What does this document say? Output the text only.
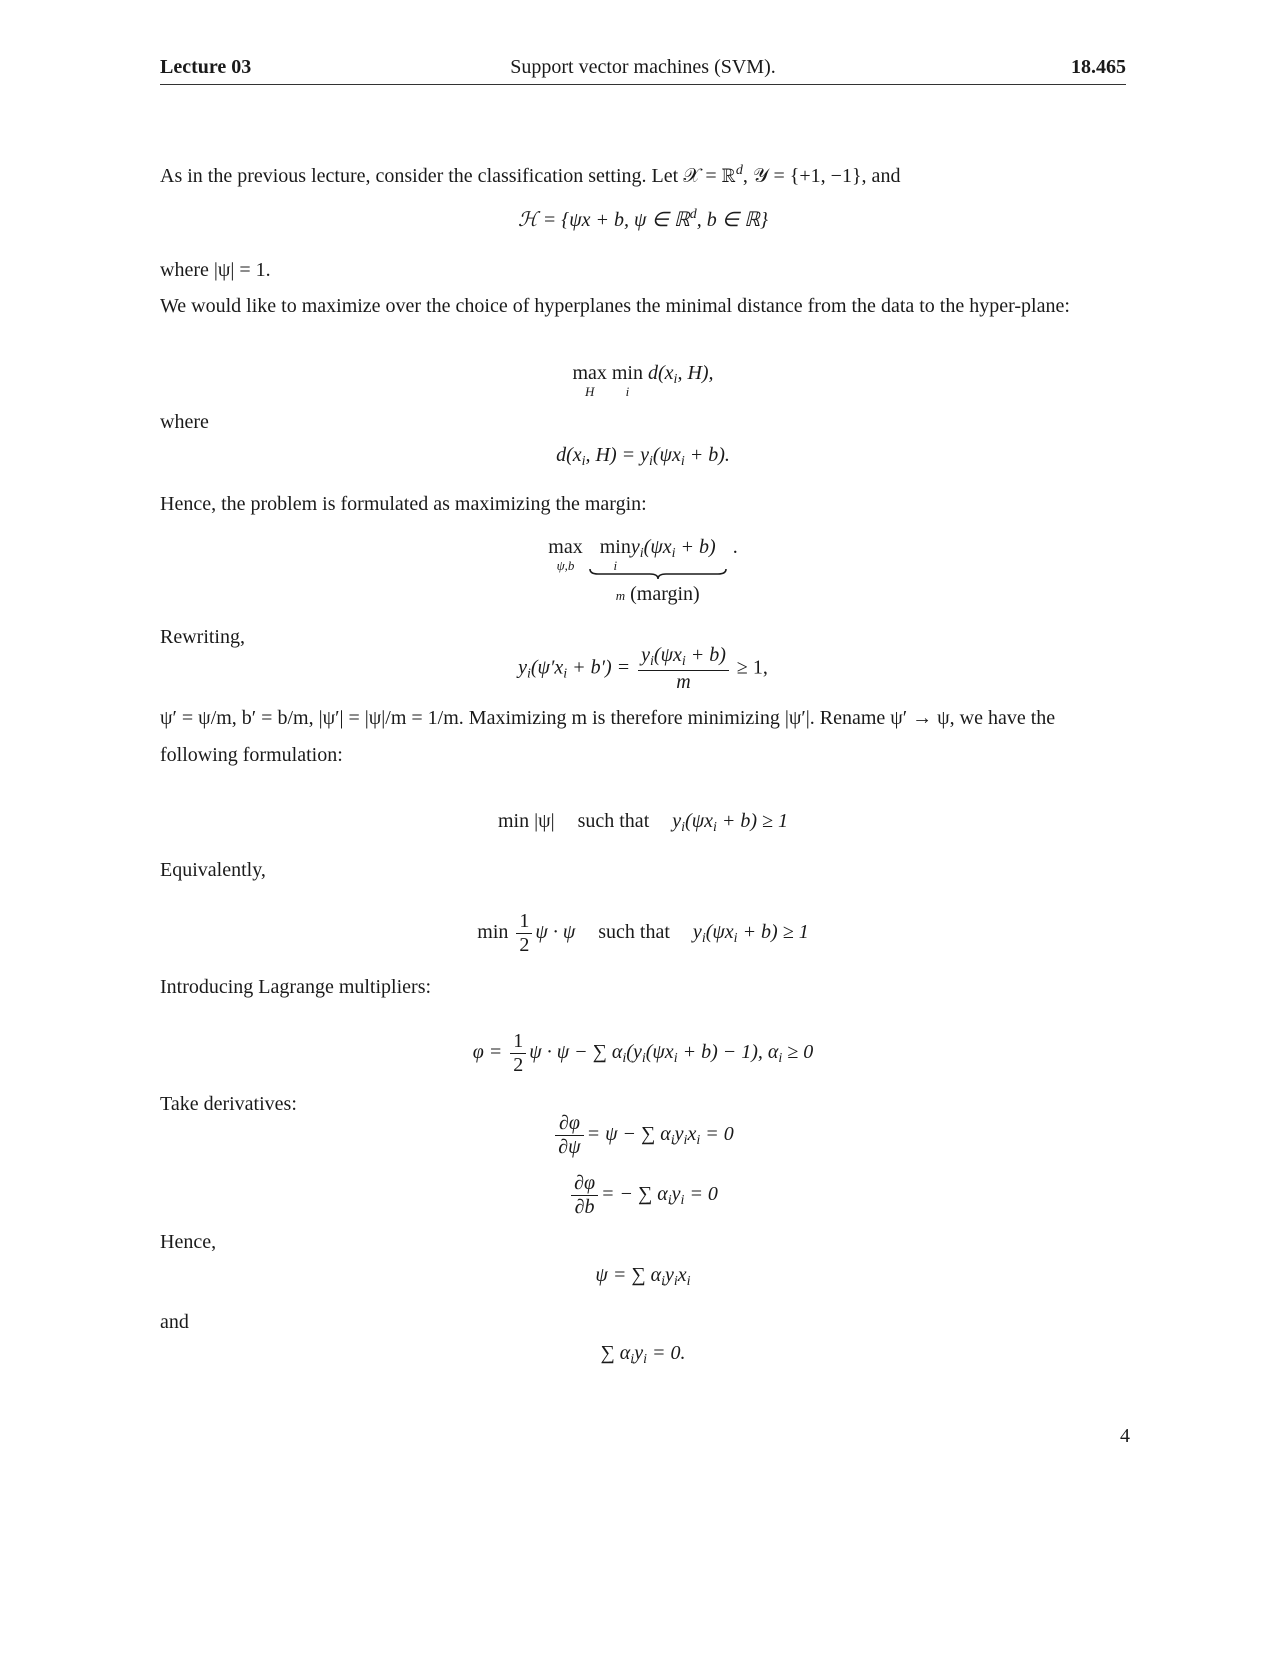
Lecture 03	Support vector machines (SVM).	18.465
As in the previous lecture, consider the classification setting. Let 𝒳 = ℝ$^d$, 𝒴 = {+1, −1}, and
ℋ = {ψx + b, ψ ∈ ℝ$^d$, b ∈ ℝ}
where |ψ| = 1.
We would like to maximize over the choice of hyperplanes the minimal distance from the data to the hyper-plane:
max
H
min
i
$d(x_i$, H),
where
$d(x_i$, $H) = y_i(\psi x_i + b)$.
Hence, the problem is formulated as maximizing the margin:
max
ψ,b

min
i
$y_i(\psi x_i + b)$
m (margin)
.
Rewriting,
$y_i(\psi'x_i + b') = \frac{y_i(\psi x_i + b)}{m} \ge 1$,
ψ′ = ψ/m, b′ = b/m, |ψ′| = |ψ|/m = 1/m. Maximizing m is therefore minimizing |ψ′|. Rename ψ′ → ψ, we have the following formulation:
min |ψ| such that $y_i(\psi x_i + b) \ge 1$
Equivalently,
$\min \frac{1}{2}$ ψ · ψ such that $y_i(\psi x_i + b) \ge 1$
Introducing Lagrange multipliers:
$\varphi = \frac{1}{2}$ ψ · ψ − ∑ $\alpha_i(y_i(\psi x_i + b) - 1)$, $\alpha_i \ge 0$
Take derivatives:
$\frac{\partial\varphi}{\partial\psi} = \psi$ − ∑ $\alpha_iy_ix_i = 0$
$\frac{\partial\varphi}{\partial b}$ = − ∑ $\alpha_iy_i = 0$
Hence,
ψ = ∑ $\alpha_iy_ix_i$
and
∑ $\alpha_iy_i = 0$.
4
